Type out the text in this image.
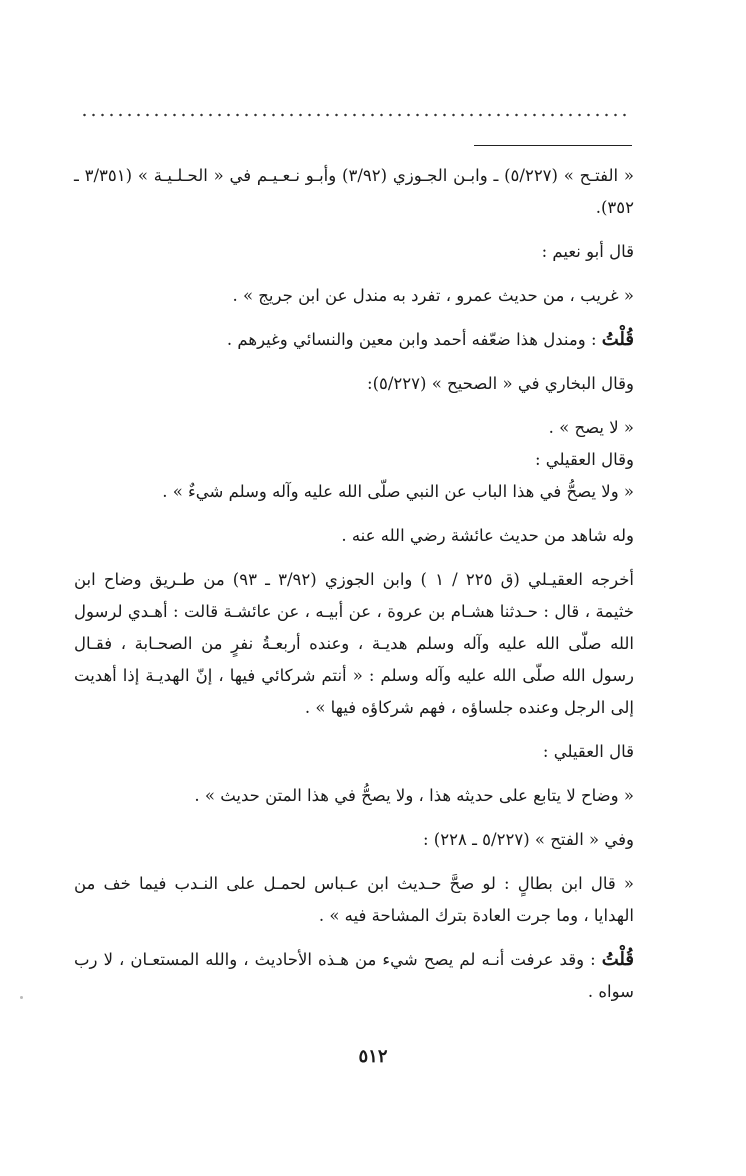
« الفتـح » (٥/٢٢٧) ـ وابـن الجـوزي (٣/٩٢) وأبـو نـعـيـم في « الحـلـيـة » (٣/٣٥١ ـ ٣٥٢).

قال أبو نعيم :

« غريب ، من حديث عمرو ، تفرد به مندل عن ابن جريج » .

قُلْتُ : ومندل هذا ضعّفه أحمد وابن معين والنسائي وغيرهم .

وقال البخاري في « الصحيح » (٥/٢٢٧):

« لا يصح » .

وقال العقيلي :

« ولا يصحُّ في هذا الباب عن النبي صلّى الله عليه وآله وسلم شيءٌ » .

وله شاهد من حديث عائشة رضي الله عنه .

أخرجه العقيـلي (ق ٢٢٥ / ١ ) وابن الجوزي (٣/٩٢ ـ ٩٣) من طـريق وضاح ابن خثيمة ، قال : حـدثنا هشـام بن عروة ، عن أبيـه ، عن عائشـة قالت : أهـدي لرسول الله صلّى الله عليه وآله وسلم هديـة ، وعنده أربعـةُ نفرٍ من الصحـابة ، فقـال رسول الله صلّى الله عليه وآله وسلم : « أنتم شركائي فيها ، إنّ الهديـة إذا أهديت إلى الرجل وعنده جلساؤه ، فهم شركاؤه فيها » .

قال العقيلي :

« وضاح لا يتابع على حديثه هذا ، ولا يصحُّ في هذا المتن حديث » .

وفي « الفتح » (٥/٢٢٧ ـ ٢٢٨) :

« قال ابن بطالٍ : لو صحَّ حـديث ابن عـباس لحمـل على النـدب فيما خف من الهدايا ، وما جرت العادة بترك المشاحة فيه » .

قُلْتُ : وقد عرفت أنـه لم يصح شيء من هـذه الأحاديث ، والله المستعـان ، لا رب سواه .

٥١٢
